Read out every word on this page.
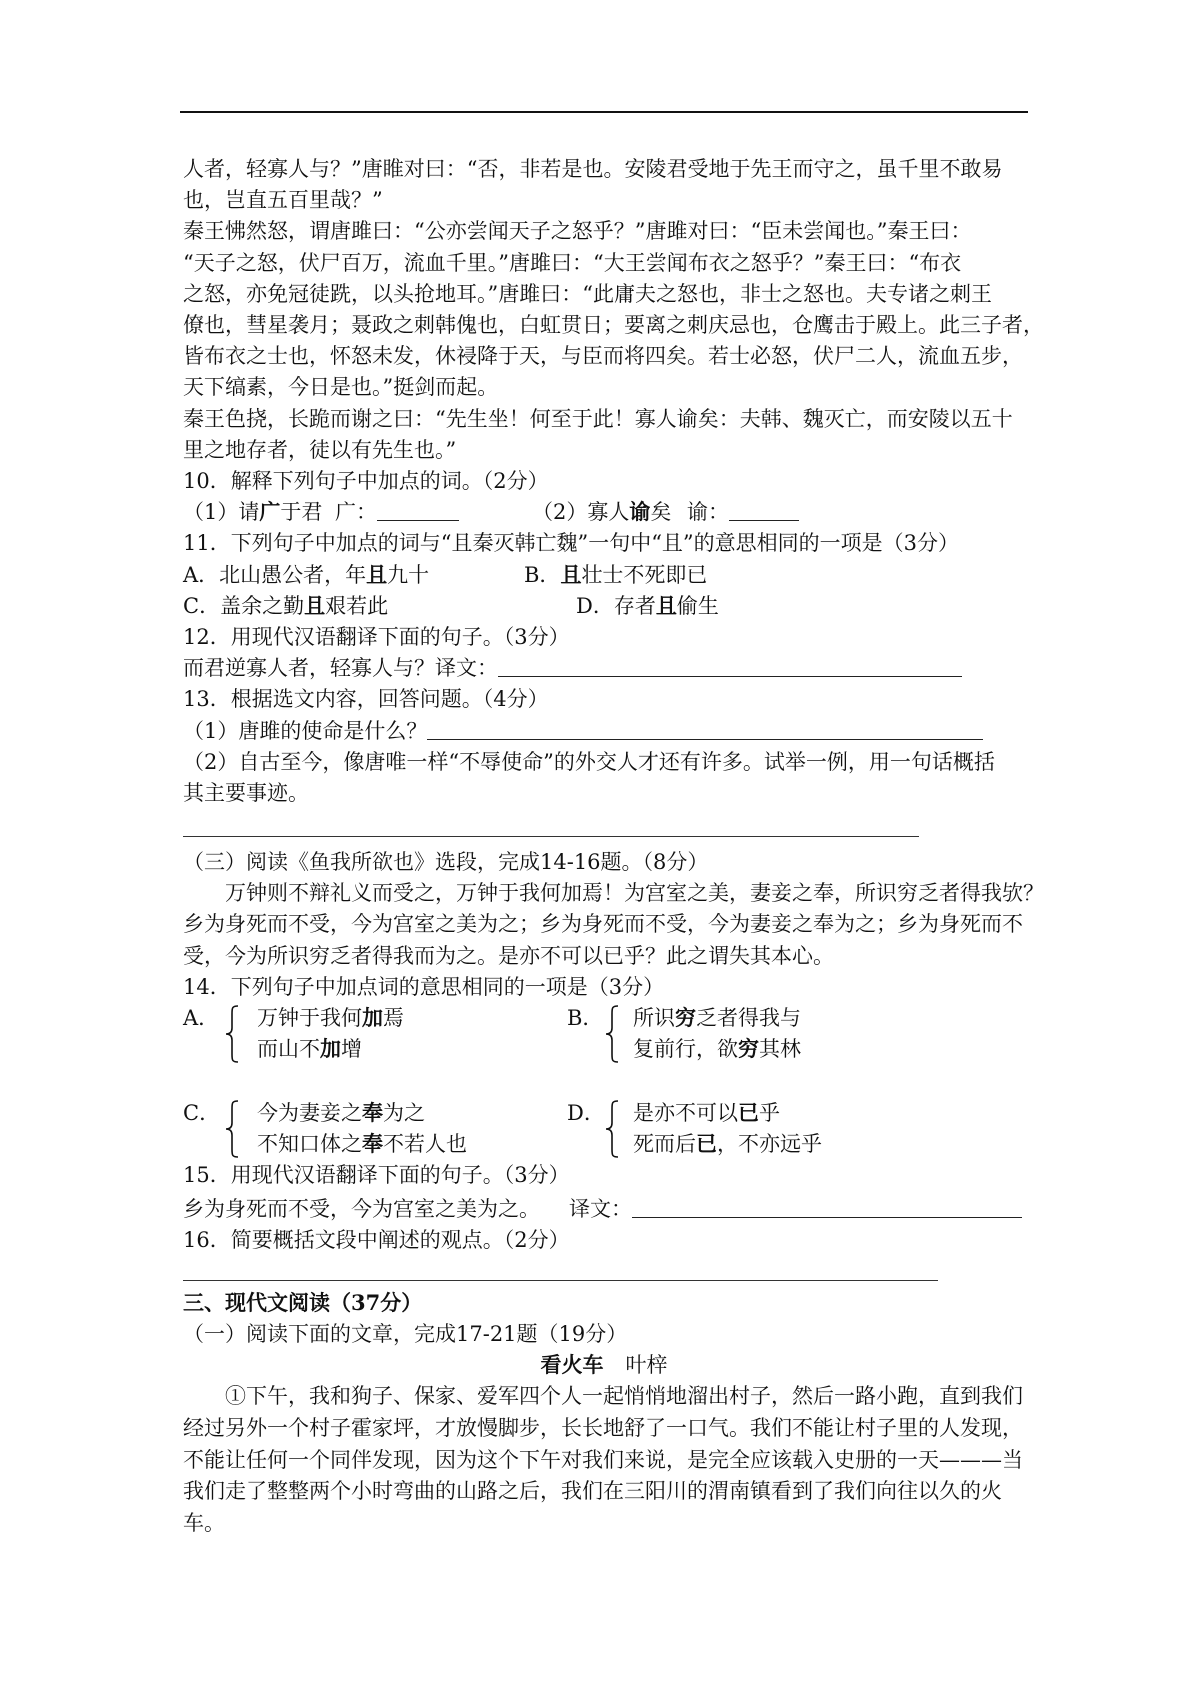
人者，轻寡人与？”唐睢对曰：“否，非若是也。安陵君受地于先王而守之，虽千里不敢易
也，岂直五百里哉？”
秦王怫然怒，谓唐雎曰：“公亦尝闻天子之怒乎？”唐雎对曰：“臣未尝闻也。”秦王曰：
“天子之怒，伏尸百万，流血千里。”唐雎曰：“大王尝闻布衣之怒乎？”秦王曰：“布衣
之怒，亦免冠徒跣，以头抢地耳。”唐雎曰：“此庸夫之怒也，非士之怒也。夫专诸之刺王
僚也，彗星袭月；聂政之刺韩傀也，白虹贯日；要离之刺庆忌也，仓鹰击于殿上。此三子者，
皆布衣之士也，怀怒未发，休祲降于天，与臣而将四矣。若士必怒，伏尸二人，流血五步，
天下缟素，今日是也。”挺剑而起。
秦王色挠，长跪而谢之曰：“先生坐！何至于此！寡人谕矣：夫韩、魏灭亡，而安陵以五十
里之地存者，徒以有先生也。”
10．解释下列句子中加点的词。（2分）
（1）请广于君 广：	（2）寡人谕矣 谕：
11．下列句子中加点的词与“且秦灭韩亡魏”一句中“且”的意思相同的一项是（3分）
A．北山愚公者，年且九十	B．且壮士不死即已
C．盖余之勤且艰若此	D．存者且偷生
12．用现代汉语翻译下面的句子。（3分）
而君逆寡人者，轻寡人与？译文：
13．根据选文内容，回答问题。（4分）
（1）唐雎的使命是什么？
（2）自古至今，像唐唯一样“不辱使命”的外交人才还有许多。试举一例，用一句话概括
其主要事迹。
（三）阅读《鱼我所欲也》选段，完成14-16题。（8分）
万钟则不辩礼义而受之，万钟于我何加焉！为宫室之美，妻妾之奉，所识穷乏者得我欤？
乡为身死而不受，今为宫室之美为之；乡为身死而不受，今为妻妾之奉为之；乡为身死而不
受，今为所识穷乏者得我而为之。是亦不可以已乎？此之谓失其本心。
14．下列句子中加点词的意思相同的一项是（3分）
A． 万钟于我何加焉
而山不加增
B． 所识穷乏者得我与
复前行，欲穷其林
C． 今为妻妾之奉为之
不知口体之奉不若人也
D． 是亦不可以已乎
死而后已，不亦远乎
15．用现代汉语翻译下面的句子。（3分）
乡为身死而不受，今为宫室之美为之。 译文：
16．简要概括文段中阐述的观点。（2分）
三、现代文阅读（37分）
（一）阅读下面的文章，完成17-21题（19分）
看火车 叶梓
①下午，我和狗子、保家、爱军四个人一起悄悄地溜出村子，然后一路小跑，直到我们
经过另外一个村子霍家坪，才放慢脚步，长长地舒了一口气。我们不能让村子里的人发现，
不能让任何一个同伴发现，因为这个下午对我们来说，是完全应该载入史册的一天———当
我们走了整整两个小时弯曲的山路之后，我们在三阳川的渭南镇看到了我们向往以久的火
车。
